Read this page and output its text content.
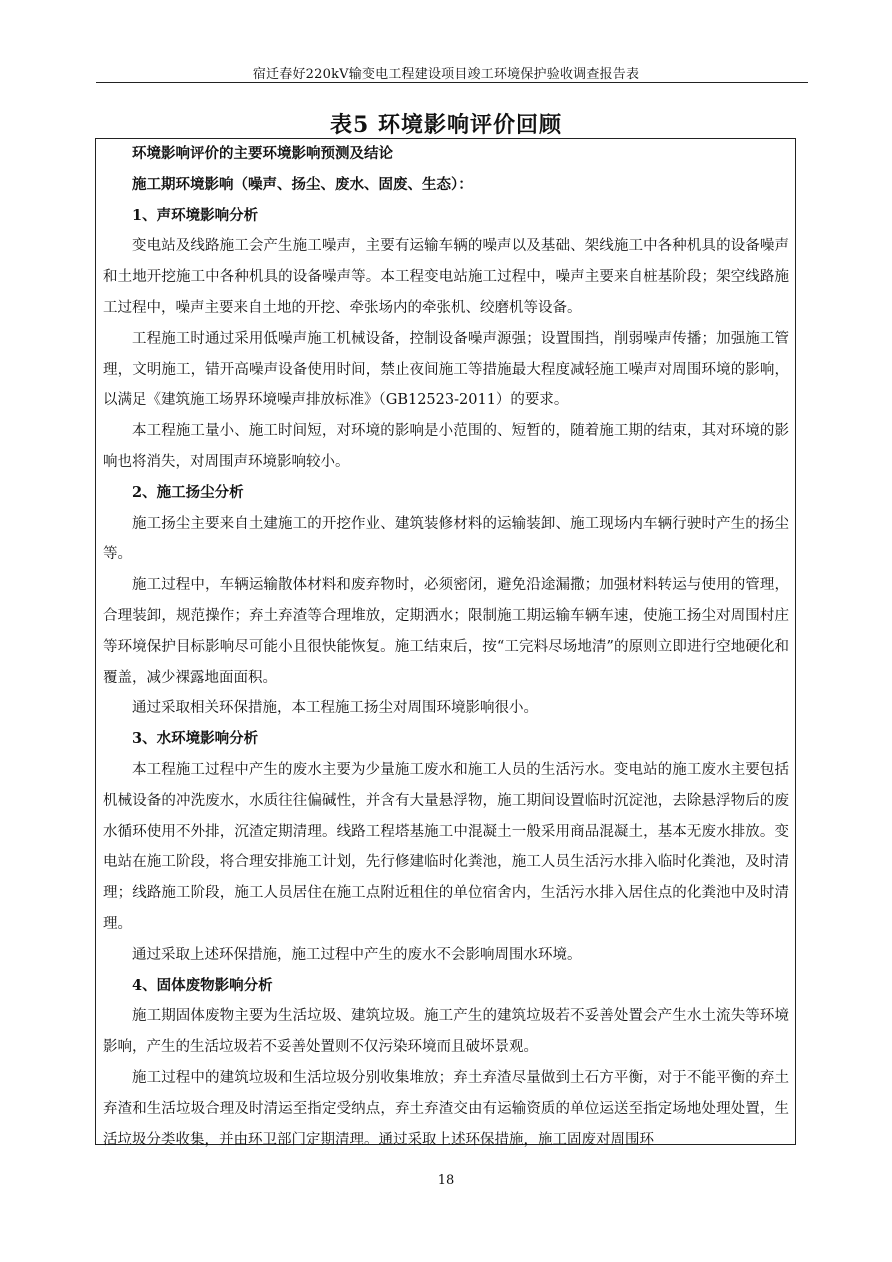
宿迁春好220kV输变电工程建设项目竣工环境保护验收调查报告表
表5 环境影响评价回顾
环境影响评价的主要环境影响预测及结论
施工期环境影响（噪声、扬尘、废水、固废、生态）：
1、声环境影响分析

变电站及线路施工会产生施工噪声，主要有运输车辆的噪声以及基础、架线施工中各种机具的设备噪声和土地开挖施工中各种机具的设备噪声等。本工程变电站施工过程中，噪声主要来自桩基阶段；架空线路施工过程中，噪声主要来自土地的开挖、牵张场内的牵张机、绞磨机等设备。

工程施工时通过采用低噪声施工机械设备，控制设备噪声源强；设置围挡，削弱噪声传播；加强施工管理，文明施工，错开高噪声设备使用时间，禁止夜间施工等措施最大程度减轻施工噪声对周围环境的影响，以满足《建筑施工场界环境噪声排放标准》（GB12523-2011）的要求。

本工程施工量小、施工时间短，对环境的影响是小范围的、短暂的，随着施工期的结束，其对环境的影响也将消失，对周围声环境影响较小。

2、施工扬尘分析

施工扬尘主要来自土建施工的开挖作业、建筑装修材料的运输装卸、施工现场内车辆行驶时产生的扬尘等。

施工过程中，车辆运输散体材料和废弃物时，必须密闭，避免沿途漏撒；加强材料转运与使用的管理，合理装卸，规范操作；弃土弃渣等合理堆放，定期洒水；限制施工期运输车辆车速，使施工扬尘对周围村庄等环境保护目标影响尽可能小且很快能恢复。施工结束后，按“工完料尽场地清”的原则立即进行空地硬化和覆盖，减少裸露地面面积。

通过采取相关环保措施，本工程施工扬尘对周围环境影响很小。

3、水环境影响分析

本工程施工过程中产生的废水主要为少量施工废水和施工人员的生活污水。变电站的施工废水主要包括机械设备的冲洗废水，水质往往偏碱性，并含有大量悬浮物，施工期间设置临时沉淀池，去除悬浮物后的废水循环使用不外排，沉渣定期清理。线路工程塔基施工中混凝土一般采用商品混凝土，基本无废水排放。变电站在施工阶段，将合理安排施工计划，先行修建临时化粪池，施工人员生活污水排入临时化粪池，及时清理；线路施工阶段，施工人员居住在施工点附近租住的单位宿舍内，生活污水排入居住点的化粪池中及时清理。

通过采取上述环保措施，施工过程中产生的废水不会影响周围水环境。

4、固体废物影响分析

施工期固体废物主要为生活垃圾、建筑垃圾。施工产生的建筑垃圾若不妥善处置会产生水土流失等环境影响，产生的生活垃圾若不妥善处置则不仅污染环境而且破坏景观。

施工过程中的建筑垃圾和生活垃圾分别收集堆放；弃土弃渣尽量做到土石方平衡，对于不能平衡的弃土弃渣和生活垃圾合理及时清运至指定受纳点，弃土弃渣交由有运输资质的单位运送至指定场地处理处置，生活垃圾分类收集，并由环卫部门定期清理。通过采取上述环保措施，施工固废对周围环

18
